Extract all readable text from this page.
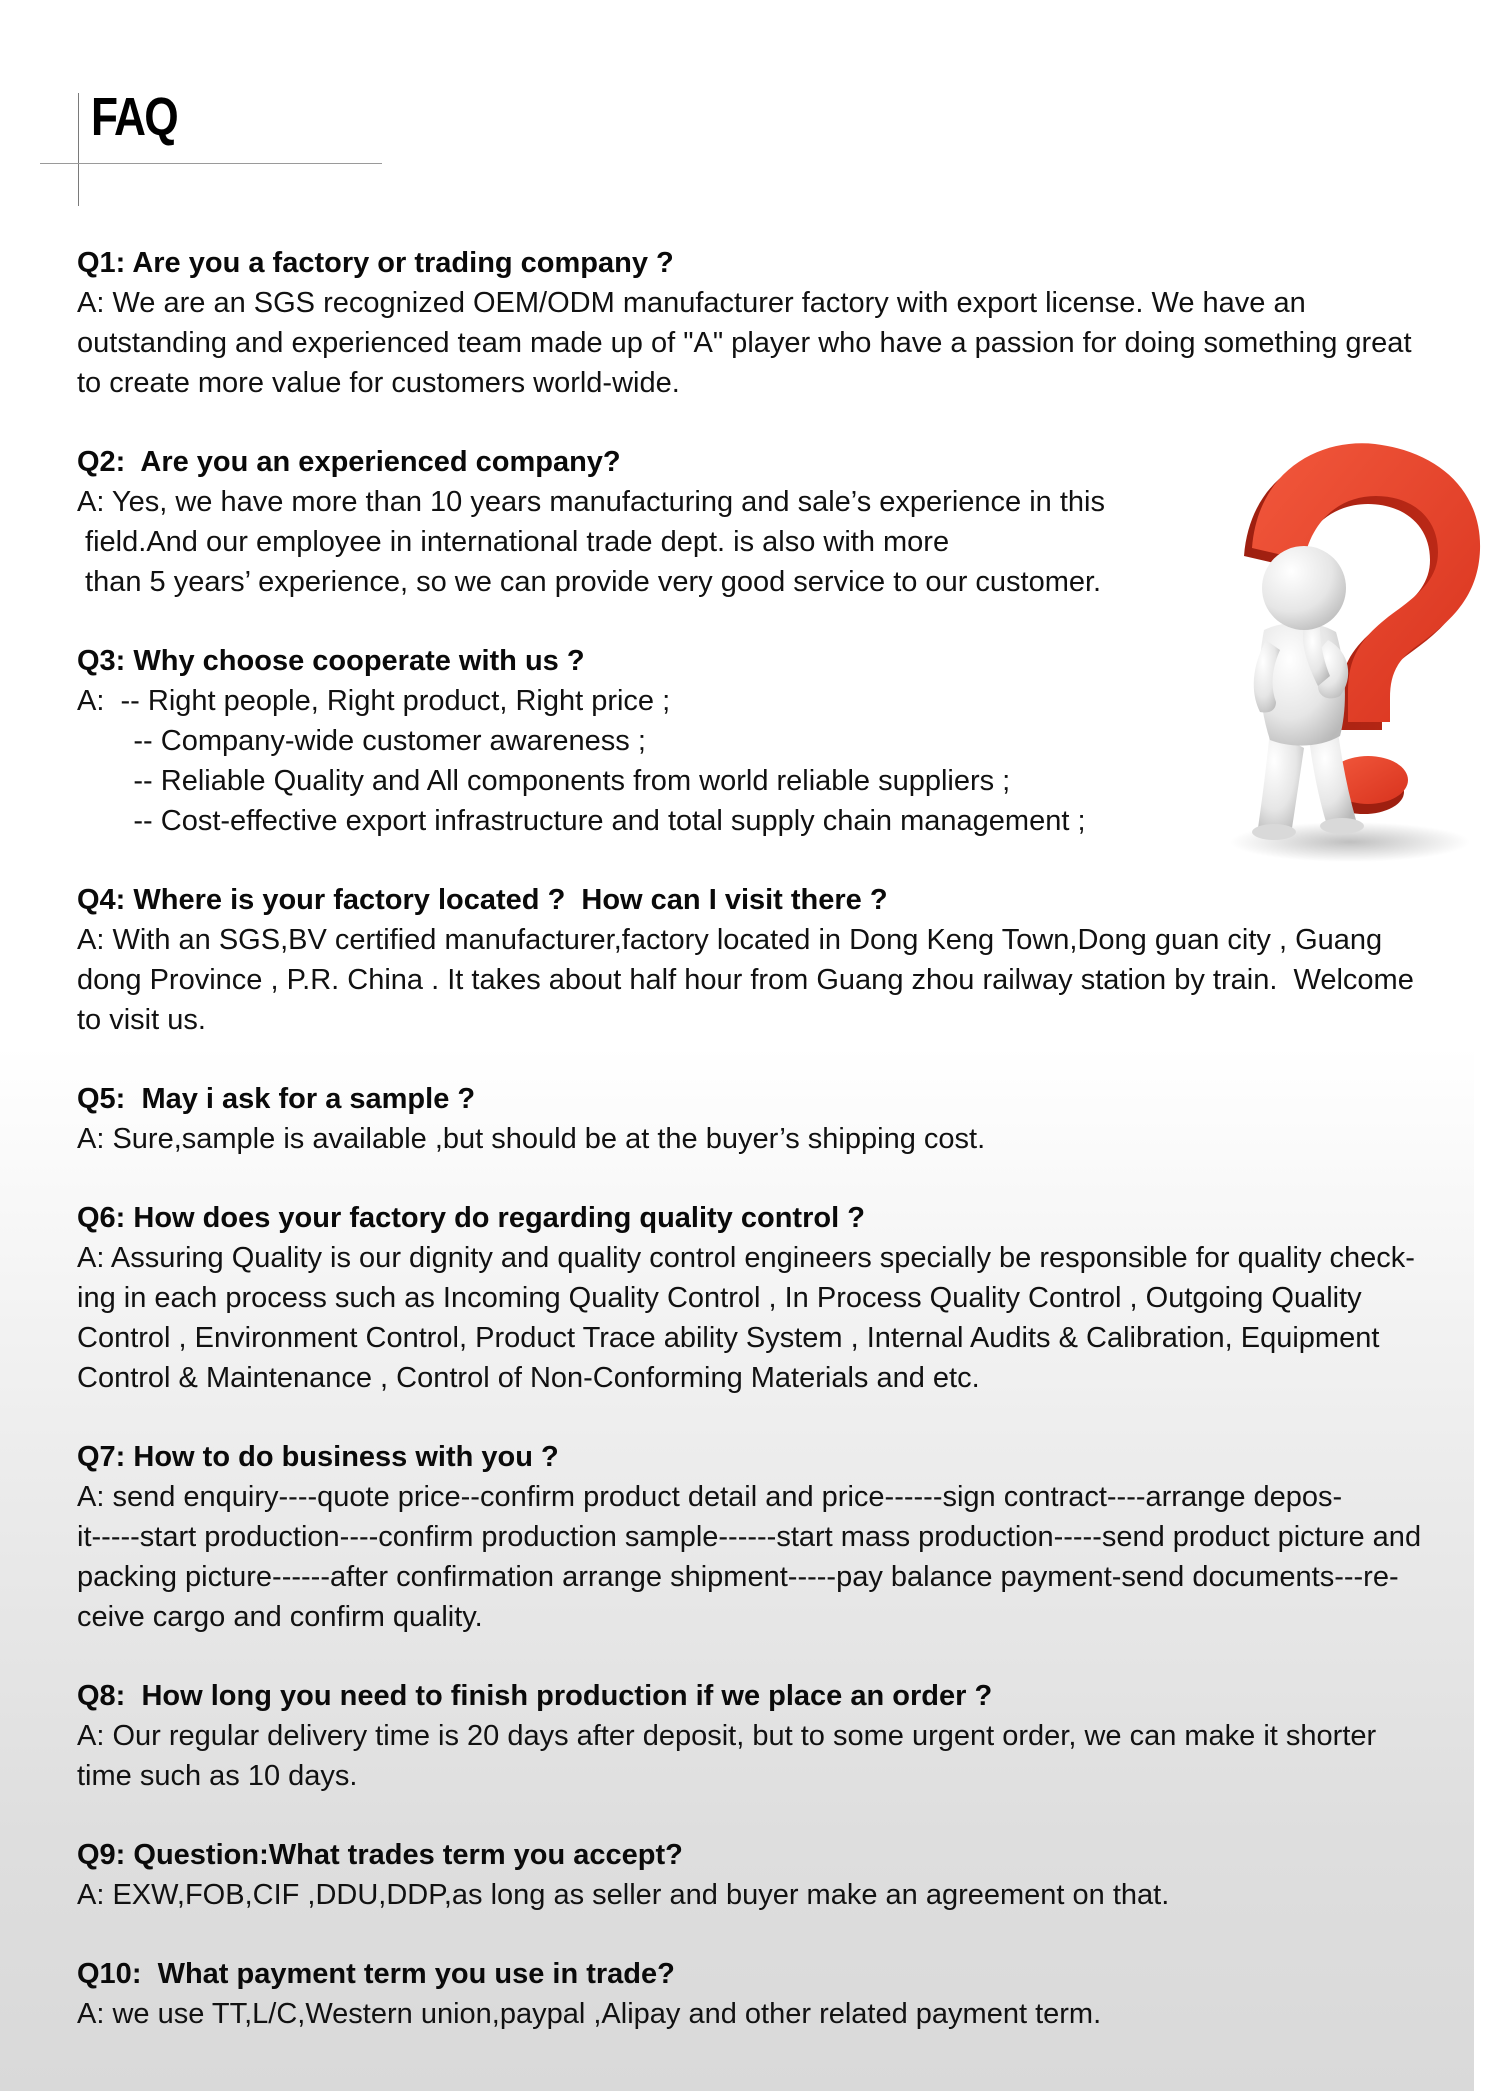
FAQ
Q1: Are you a factory or trading company ?
A: We are an SGS recognized OEM/ODM manufacturer factory with export license. We have an
outstanding and experienced team made up of "A" player who have a passion for doing something great
to create more value for customers world-wide.
Q2:  Are you an experienced company?
A: Yes, we have more than 10 years manufacturing and sale’s experience in this
field.And our employee in international trade dept. is also with more
than 5 years’ experience, so we can provide very good service to our customer.
Q3: Why choose cooperate with us ?
A:  -- Right people, Right product, Right price ;
-- Company-wide customer awareness ;
-- Reliable Quality and All components from world reliable suppliers ;
-- Cost-effective export infrastructure and total supply chain management ;
Q4: Where is your factory located ?  How can I visit there ?
A: With an SGS,BV certified manufacturer,factory located in Dong Keng Town,Dong guan city , Guang
dong Province , P.R. China . It takes about half hour from Guang zhou railway station by train.  Welcome
to visit us.
Q5:  May i ask for a sample ?
A: Sure,sample is available ,but should be at the buyer’s shipping cost.
Q6: How does your factory do regarding quality control ?
A: Assuring Quality is our dignity and quality control engineers specially be responsible for quality check-
ing in each process such as Incoming Quality Control , In Process Quality Control , Outgoing Quality
Control , Environment Control, Product Trace ability System , Internal Audits & Calibration, Equipment
Control & Maintenance , Control of Non-Conforming Materials and etc.
Q7: How to do business with you ?
A: send enquiry----quote price--confirm product detail and price------sign contract----arrange depos-
it-----start production----confirm production sample------start mass production-----send product picture and
packing picture------after confirmation arrange shipment-----pay balance payment-send documents---re-
ceive cargo and confirm quality.
Q8:  How long you need to finish production if we place an order ?
A: Our regular delivery time is 20 days after deposit, but to some urgent order, we can make it shorter
time such as 10 days.
Q9: Question:What trades term you accept?
A: EXW,FOB,CIF ,DDU,DDP,as long as seller and buyer make an agreement on that.
Q10:  What payment term you use in trade?
A: we use TT,L/C,Western union,paypal ,Alipay and other related payment term.
